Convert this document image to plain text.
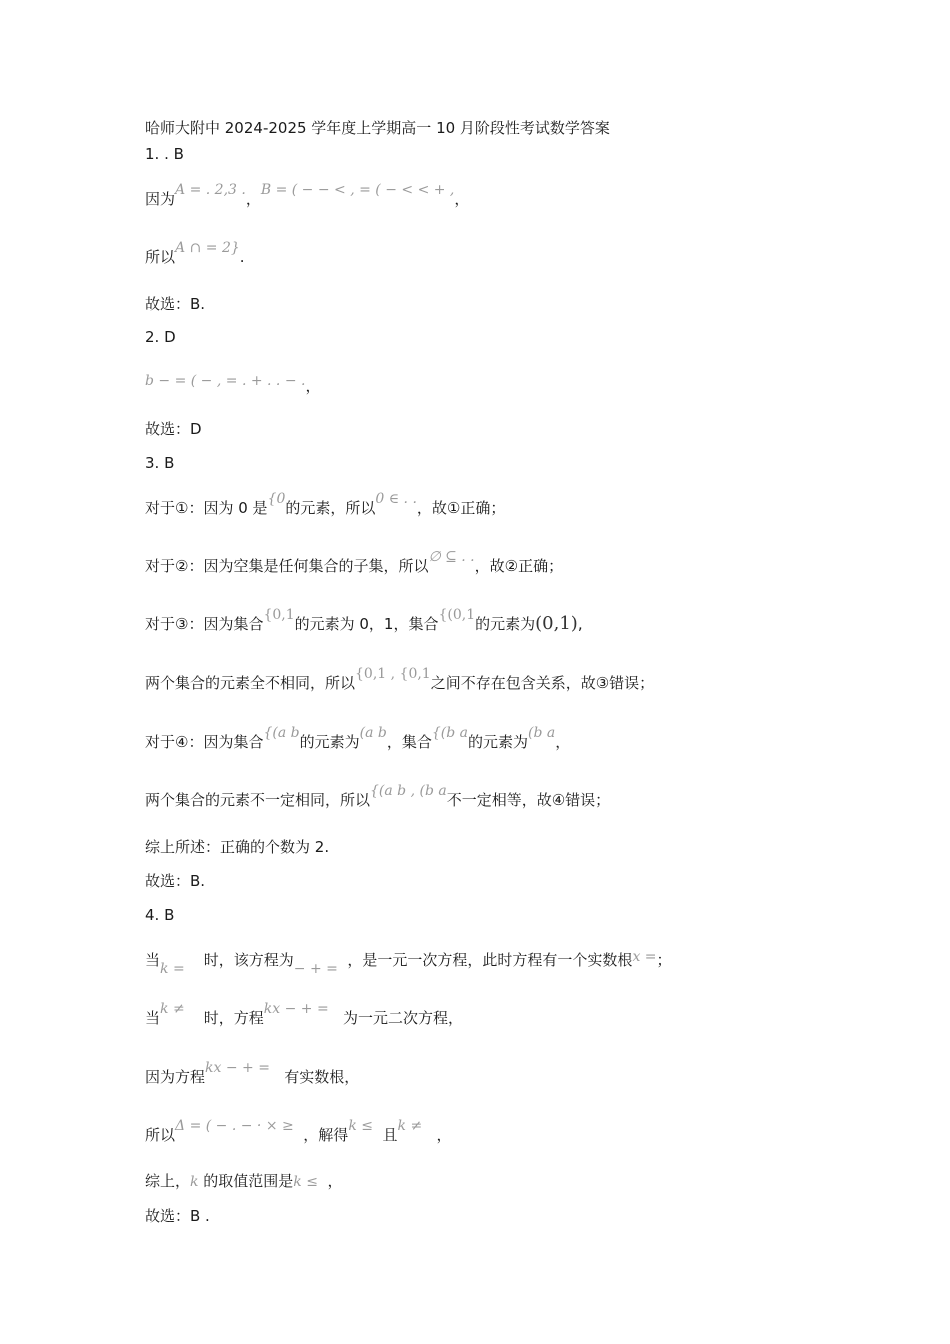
哈师大附中 2024-2025 学年度上学期高一 10 月阶段性考试数学答案
1. . B
因为A = . 2,3 .，B = ( − − < , = ( − < < + ,，
所以A ∩ = 2}.
故选：B.
2. D
b − = ( − , = . + . . − .，
故选：D
3. B
对于①：因为 0 是{0的元素，所以0 ∈ . .，故①正确；
对于②：因为空集是任何集合的子集，所以∅ ⊆ . .，故②正确；
对于③：因为集合{0,1的元素为 0，1，集合{(0,1的元素为(0,1),
两个集合的元素全不相同，所以{0,1 , {0,1之间不存在包含关系，故③错误；
对于④：因为集合{(a b的元素为(a b，集合{(b a的元素为(b a，
两个集合的元素不一定相同，所以{(a b , (b a不一定相等，故④错误；
综上所述：正确的个数为 2.
故选：B.
4. B
当k = 时，该方程为− + = ，是一元一次方程，此时方程有一个实数根x =；
当k ≠ 时，方程kx − + = 为一元二次方程，
因为方程kx − + = 有实数根，
所以Δ = ( − . − · × ≥ ，解得k ≤ 且k ≠ ，
综上，k 的取值范围是k ≤ ，
故选：B .
